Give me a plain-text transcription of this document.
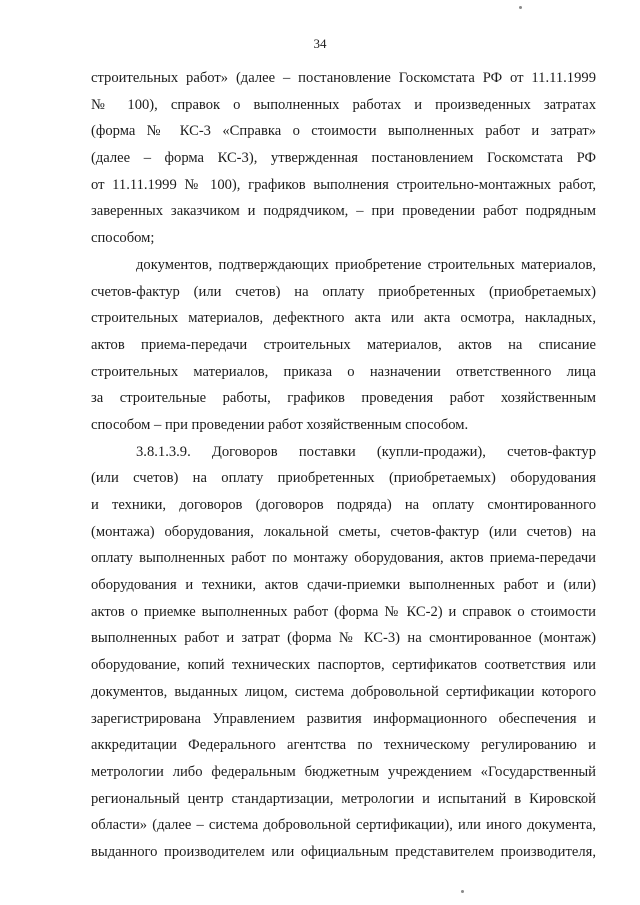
34
строительных работ» (далее – постановление Госкомстата РФ от 11.11.1999
№ 100), справок о выполненных работах и произведенных затратах
(форма № КС-3 «Справка о стоимости выполненных работ и затрат»
(далее – форма КС-3), утвержденная постановлением Госкомстата РФ
от 11.11.1999 № 100), графиков выполнения строительно-монтажных работ,
заверенных заказчиком и подрядчиком, – при проведении работ подрядным
способом;
документов, подтверждающих приобретение строительных материалов,
счетов-фактур (или счетов) на оплату приобретенных (приобретаемых)
строительных материалов, дефектного акта или акта осмотра, накладных,
актов приема-передачи строительных материалов, актов на списание
строительных материалов, приказа о назначении ответственного лица
за строительные работы, графиков проведения работ хозяйственным
способом – при проведении работ хозяйственным способом.
3.8.1.3.9. Договоров поставки (купли-продажи), счетов-фактур
(или счетов) на оплату приобретенных (приобретаемых) оборудования
и техники, договоров (договоров подряда) на оплату смонтированного
(монтажа) оборудования, локальной сметы, счетов-фактур (или счетов) на
оплату выполненных работ по монтажу оборудования, актов приема-передачи
оборудования и техники, актов сдачи-приемки выполненных работ и (или)
актов о приемке выполненных работ (форма № КС-2) и справок о стоимости
выполненных работ и затрат (форма № КС-3) на смонтированное (монтаж)
оборудование, копий технических паспортов, сертификатов соответствия или
документов, выданных лицом, система добровольной сертификации которого
зарегистрирована Управлением развития информационного обеспечения и
аккредитации Федерального агентства по техническому регулированию и
метрологии либо федеральным бюджетным учреждением «Государственный
региональный центр стандартизации, метрологии и испытаний в Кировской
области» (далее – система добровольной сертификации), или иного документа,
выданного производителем или официальным представителем производителя,
